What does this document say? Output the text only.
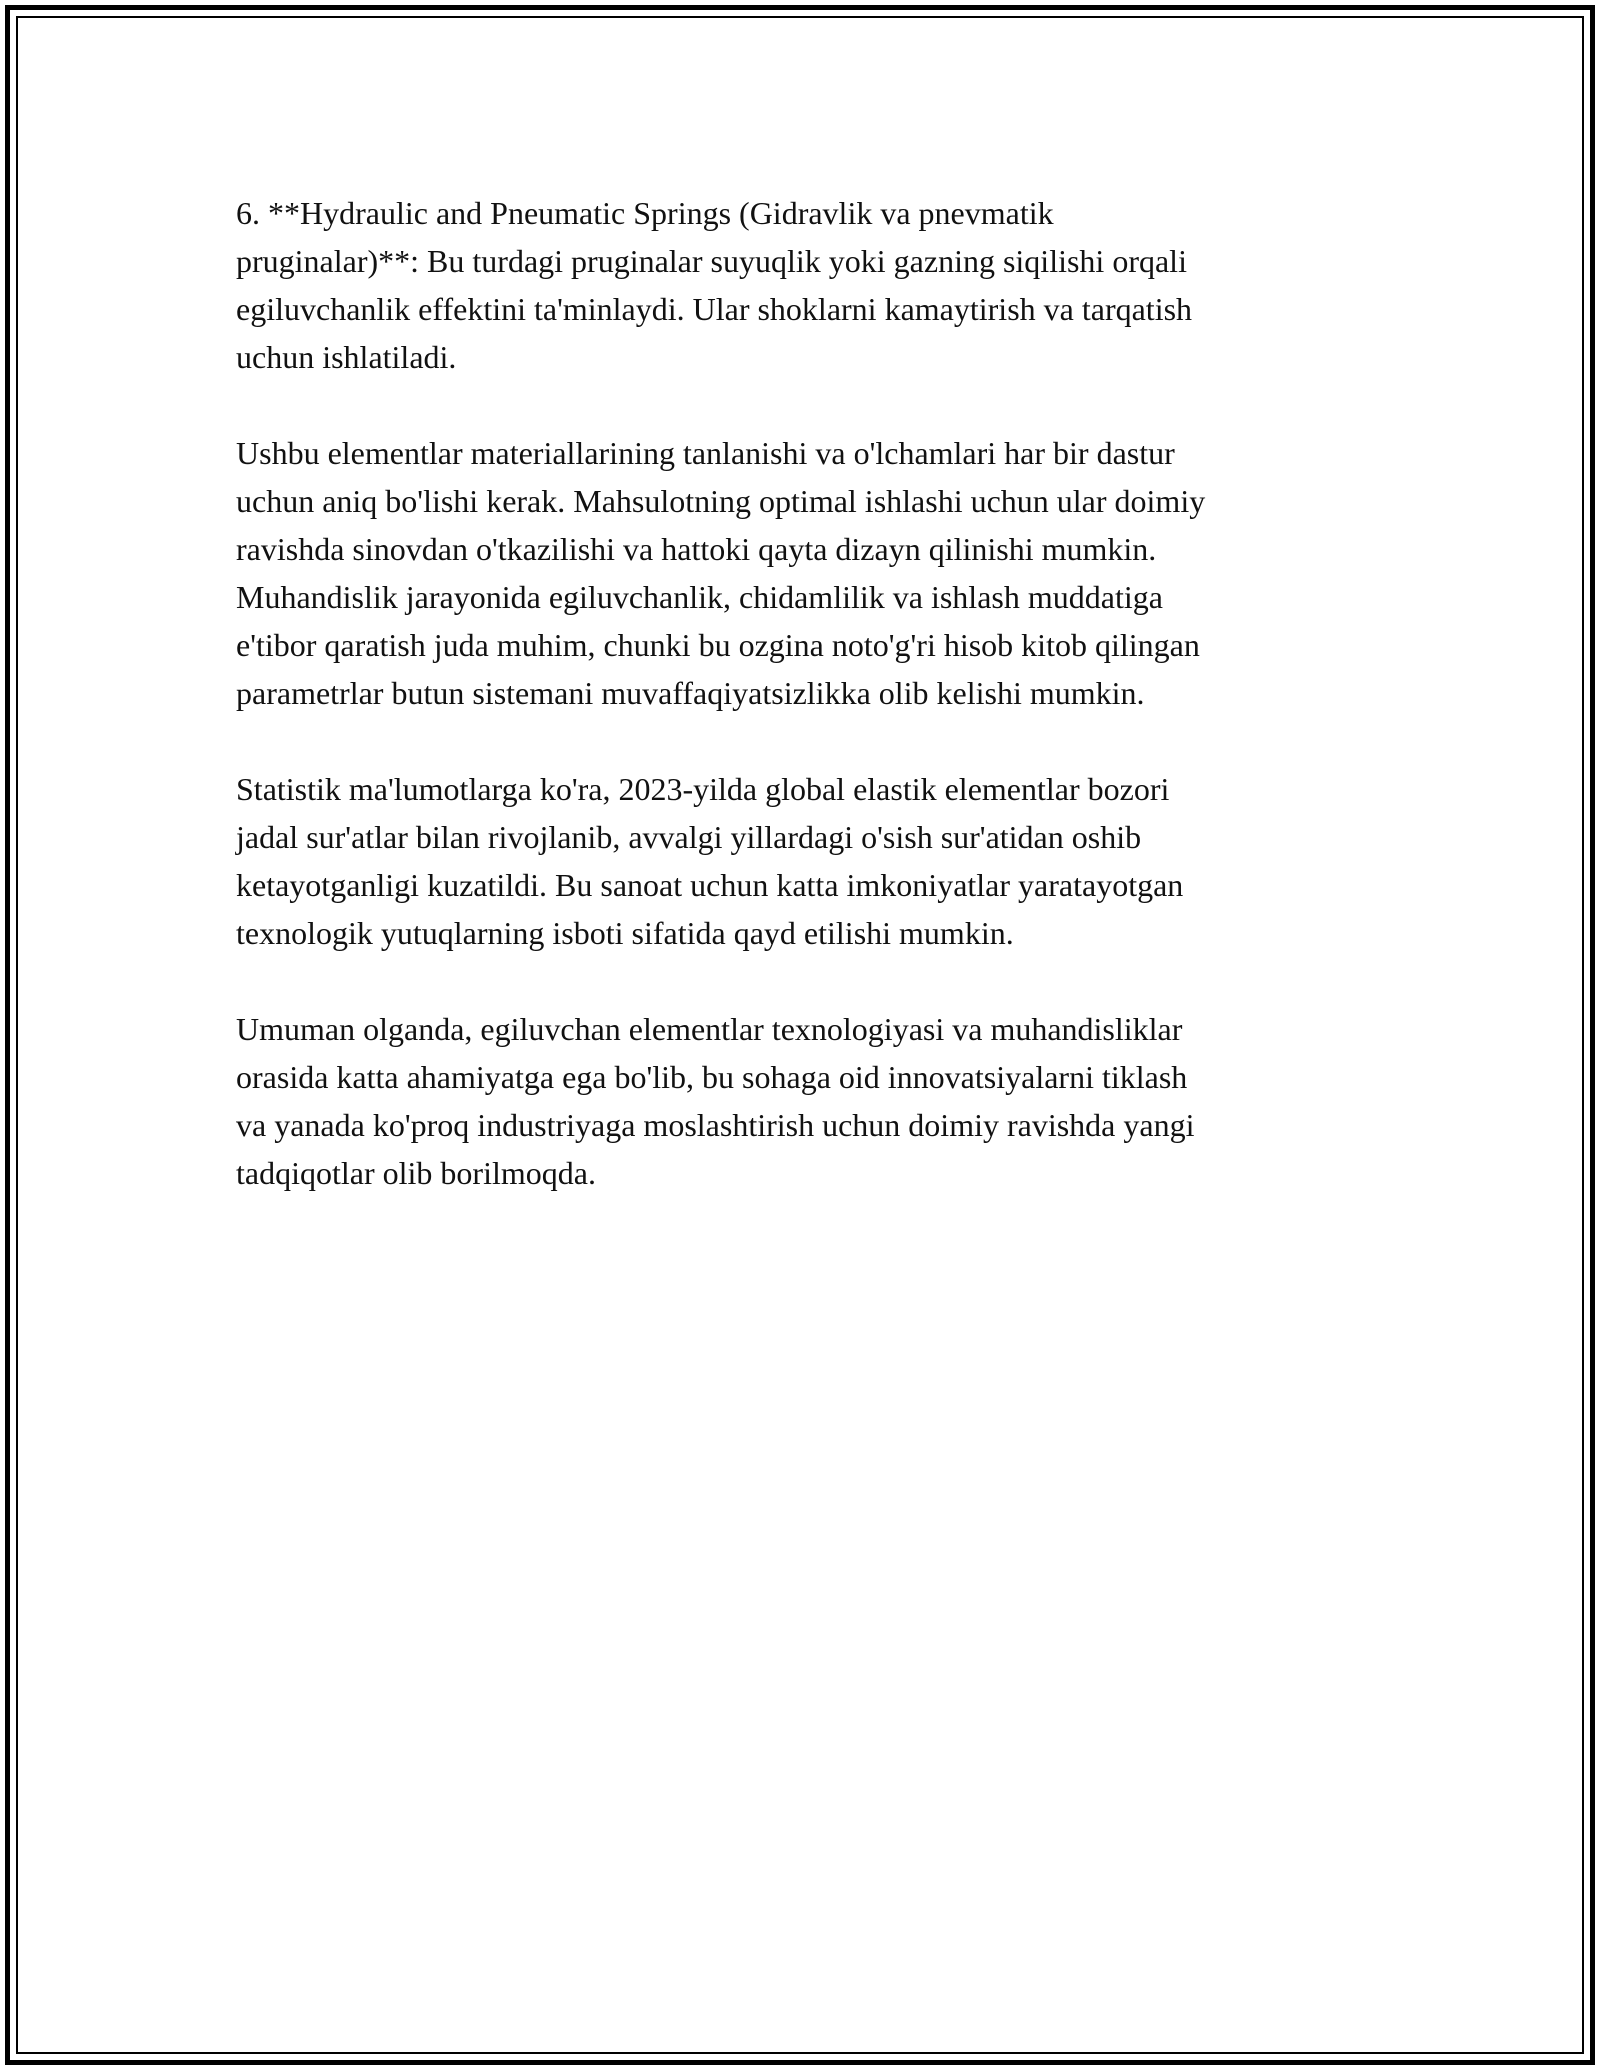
6. **Hydraulic and Pneumatic Springs (Gidravlik va pnevmatik
pruginalar)**: Bu turdagi pruginalar suyuqlik yoki gazning siqilishi orqali
egiluvchanlik effektini ta'minlaydi. Ular shoklarni kamaytirish va tarqatish
uchun ishlatiladi.

Ushbu elementlar materiallarining tanlanishi va o'lchamlari har bir dastur
uchun aniq bo'lishi kerak. Mahsulotning optimal ishlashi uchun ular doimiy
ravishda sinovdan o'tkazilishi va hattoki qayta dizayn qilinishi mumkin.
Muhandislik jarayonida egiluvchanlik, chidamlilik va ishlash muddatiga
e'tibor qaratish juda muhim, chunki bu ozgina noto'g'ri hisob kitob qilingan
parametrlar butun sistemani muvaffaqiyatsizlikka olib kelishi mumkin.

Statistik ma'lumotlarga ko'ra, 2023-yilda global elastik elementlar bozori
jadal sur'atlar bilan rivojlanib, avvalgi yillardagi o'sish sur'atidan oshib
ketayotganligi kuzatildi. Bu sanoat uchun katta imkoniyatlar yaratayotgan
texnologik yutuqlarning isboti sifatida qayd etilishi mumkin.

Umuman olganda, egiluvchan elementlar texnologiyasi va muhandisliklar
orasida katta ahamiyatga ega bo'lib, bu sohaga oid innovatsiyalarni tiklash
va yanada ko'proq industriyaga moslashtirish uchun doimiy ravishda yangi
tadqiqotlar olib borilmoqda.
